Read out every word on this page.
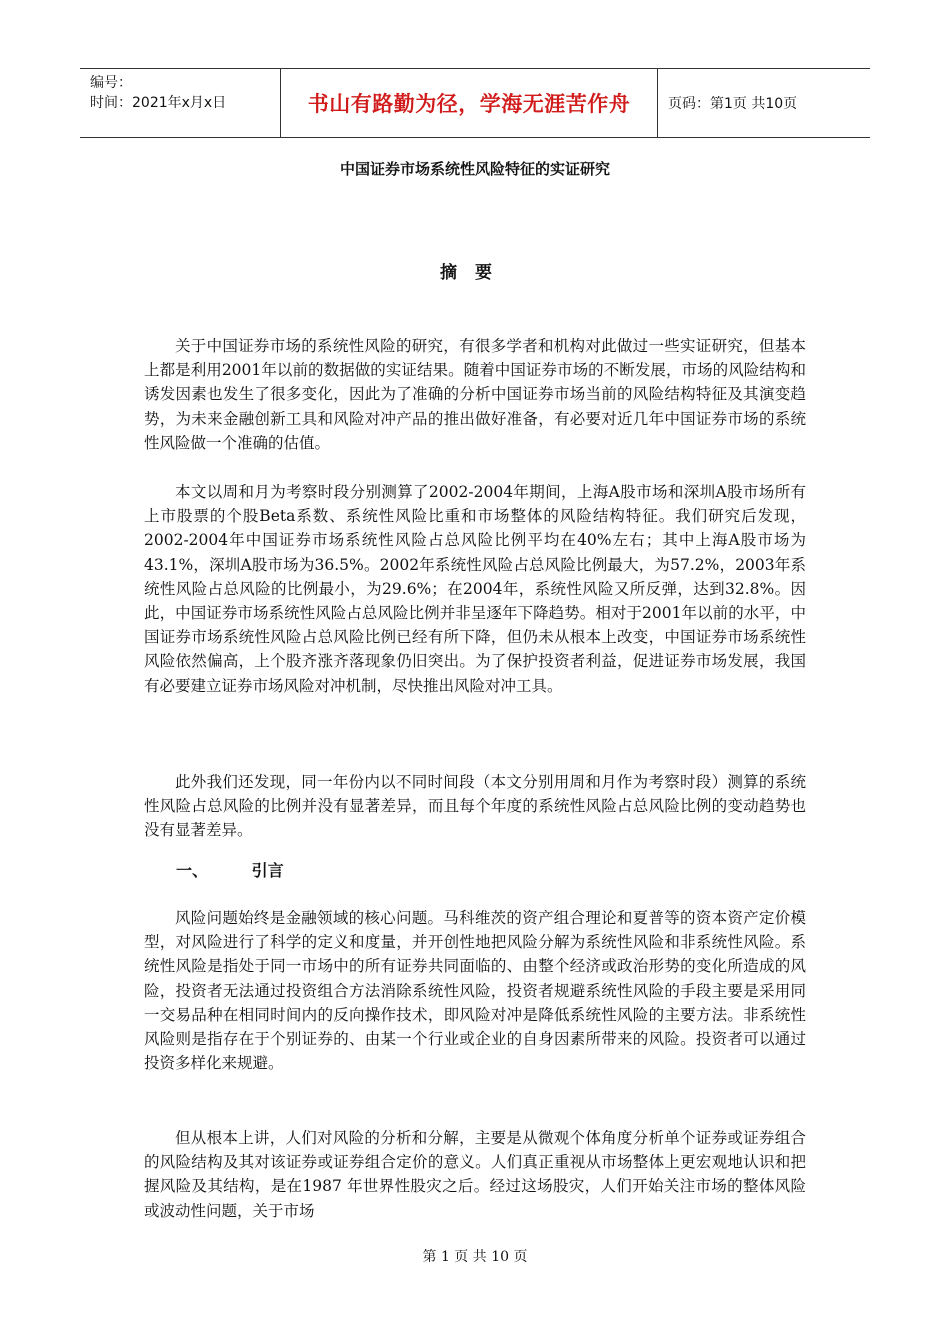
编号：
时间：2021年x月x日	书山有路勤为径，学海无涯苦作舟	页码：第1页 共10页
中国证券市场系统性风险特征的实证研究
摘要

关于中国证券市场的系统性风险的研究，有很多学者和机构对此做过一些实证研究，但基本上都是利用2001年以前的数据做的实证结果。随着中国证券市场的不断发展，市场的风险结构和诱发因素也发生了很多变化，因此为了准确的分析中国证券市场当前的风险结构特征及其演变趋势，为未来金融创新工具和风险对冲产品的推出做好准备，有必要对近几年中国证券市场的系统性风险做一个准确的估值。

本文以周和月为考察时段分别测算了2002-2004年期间，上海A股市场和深圳A股市场所有上市股票的个股Beta系数、系统性风险比重和市场整体的风险结构特征。我们研究后发现，2002-2004年中国证券市场系统性风险占总风险比例平均在40%左右；其中上海A股市场为43.1%，深圳A股市场为36.5%。2002年系统性风险占总风险比例最大，为57.2%，2003年系统性风险占总风险的比例最小，为29.6%；在2004年，系统性风险又所反弹，达到32.8%。因此，中国证券市场系统性风险占总风险比例并非呈逐年下降趋势。相对于2001年以前的水平，中国证券市场系统性风险占总风险比例已经有所下降，但仍未从根本上改变，中国证券市场系统性风险依然偏高，上个股齐涨齐落现象仍旧突出。为了保护投资者利益，促进证券市场发展，我国有必要建立证券市场风险对冲机制，尽快推出风险对冲工具。

此外我们还发现，同一年份内以不同时间段（本文分别用周和月作为考察时段）测算的系统性风险占总风险的比例并没有显著差异，而且每个年度的系统性风险占总风险比例的变动趋势也没有显著差异。

一、	引言

风险问题始终是金融领域的核心问题。马科维茨的资产组合理论和夏普等的资本资产定价模型，对风险进行了科学的定义和度量，并开创性地把风险分解为系统性风险和非系统性风险。系统性风险是指处于同一市场中的所有证券共同面临的、由整个经济或政治形势的变化所造成的风险，投资者无法通过投资组合方法消除系统性风险，投资者规避系统性风险的手段主要是采用同一交易品种在相同时间内的反向操作技术，即风险对冲是降低系统性风险的主要方法。非系统性风险则是指存在于个别证券的、由某一个行业或企业的自身因素所带来的风险。投资者可以通过投资多样化来规避。

但从根本上讲，人们对风险的分析和分解，主要是从微观个体角度分析单个证券或证券组合的风险结构及其对该证券或证券组合定价的意义。人们真正重视从市场整体上更宏观地认识和把握风险及其结构，是在1987 年世界性股灾之后。经过这场股灾，人们开始关注市场的整体风险或波动性问题，关于市场

第 1 页 共 10 页
